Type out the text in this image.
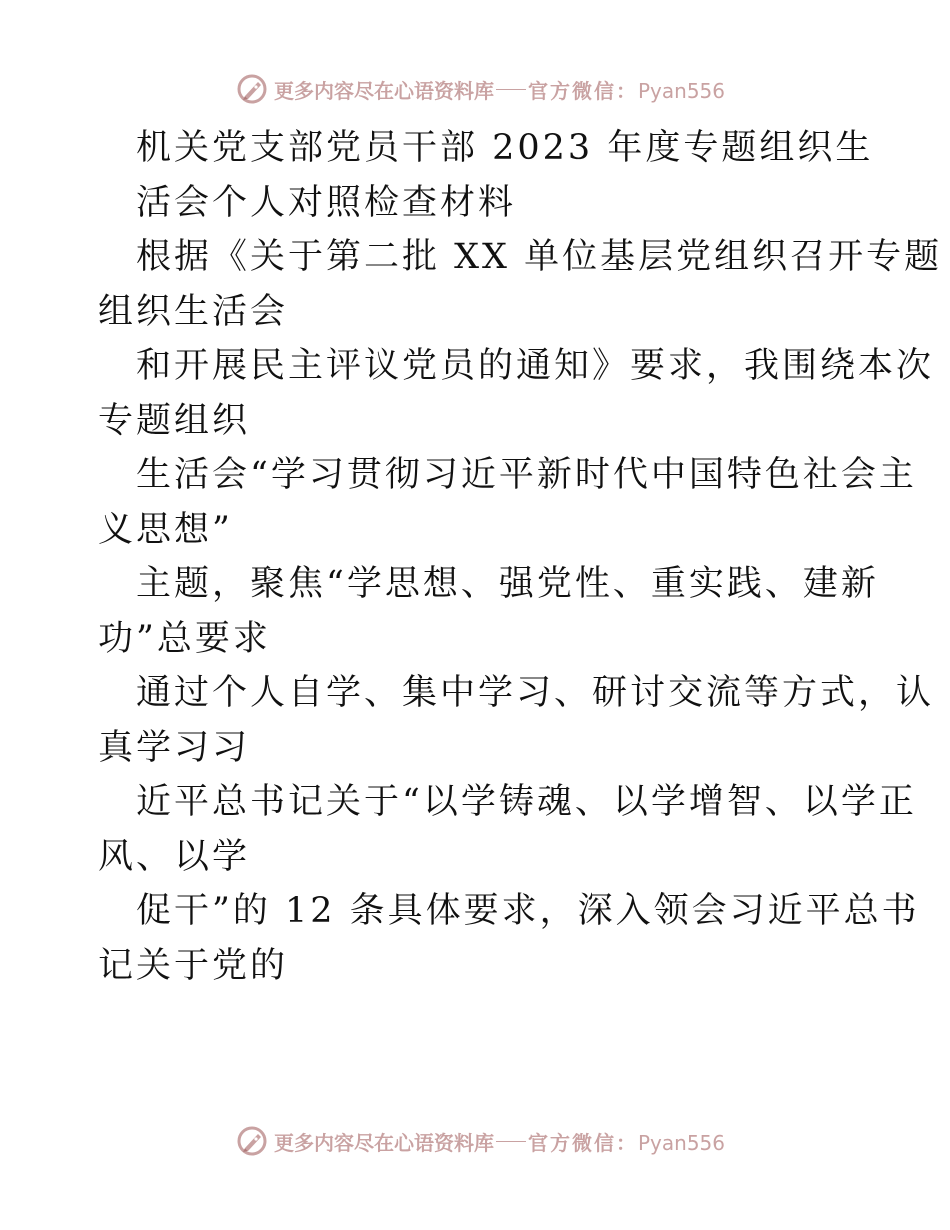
更多内容尽在心语资料库 官方微信：Pyan556
机关党支部党员干部 2023 年度专题组织生
活会个人对照检查材料
根据《关于第二批 XX 单位基层党组织召开专题
组织生活会
和开展民主评议党员的通知》要求，我围绕本次
专题组织
生活会“学习贯彻习近平新时代中国特色社会主
义思想”
主题，聚焦“学思想、强党性、重实践、建新
功”总要求
通过个人自学、集中学习、研讨交流等方式，认
真学习习
近平总书记关于“以学铸魂、以学增智、以学正
风、以学
促干”的 12 条具体要求，深入领会习近平总书
记关于党的
更多内容尽在心语资料库 官方微信：Pyan556
